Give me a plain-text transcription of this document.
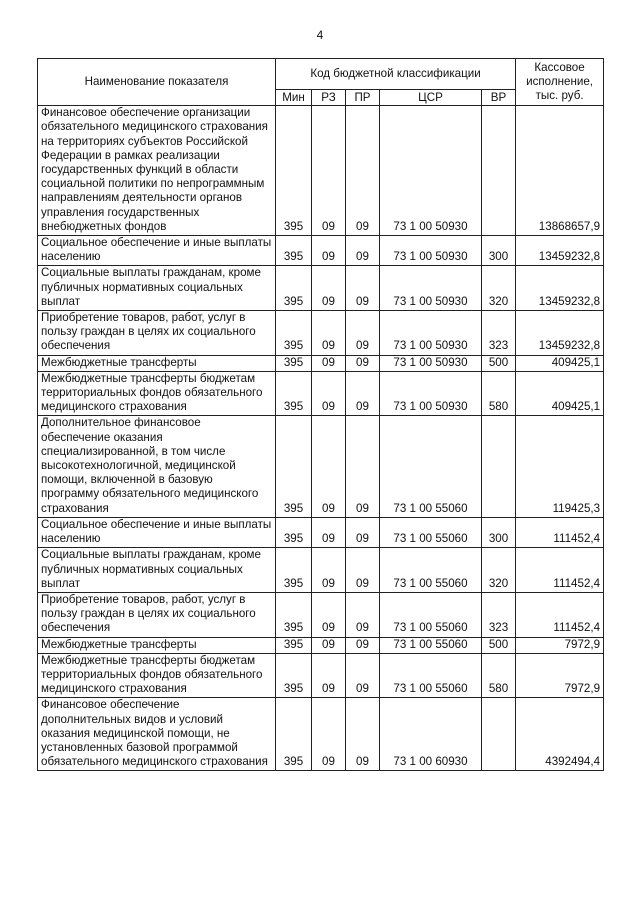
4
Наименование показателя	Код бюджетной классификации					Кассовое исполнение, тыс. руб.
	Мин	РЗ	ПР	ЦСР	ВР	
Финансовое обеспечение организации обязательного медицинского страхования на территориях субъектов Российской Федерации в рамках реализации государственных функций в области социальной политики по непрограммным направлениям деятельности органов управления государственных внебюджетных фондов	395	09	09	73 1 00 50930		13868657,9
Социальное обеспечение и иные выплаты населению	395	09	09	73 1 00 50930	300	13459232,8
Социальные выплаты гражданам, кроме публичных нормативных социальных выплат	395	09	09	73 1 00 50930	320	13459232,8
Приобретение товаров, работ, услуг в пользу граждан в целях их социального обеспечения	395	09	09	73 1 00 50930	323	13459232,8
Межбюджетные трансферты	395	09	09	73 1 00 50930	500	409425,1
Межбюджетные трансферты бюджетам территориальных фондов обязательного медицинского страхования	395	09	09	73 1 00 50930	580	409425,1
Дополнительное финансовое обеспечение оказания специализированной, в том числе высокотехнологичной, медицинской помощи, включенной в базовую программу обязательного медицинского страхования	395	09	09	73 1 00 55060		119425,3
Социальное обеспечение и иные выплаты населению	395	09	09	73 1 00 55060	300	111452,4
Социальные выплаты гражданам, кроме публичных нормативных социальных выплат	395	09	09	73 1 00 55060	320	111452,4
Приобретение товаров, работ, услуг в пользу граждан в целях их социального обеспечения	395	09	09	73 1 00 55060	323	111452,4
Межбюджетные трансферты	395	09	09	73 1 00 55060	500	7972,9
Межбюджетные трансферты бюджетам территориальных фондов обязательного медицинского страхования	395	09	09	73 1 00 55060	580	7972,9
Финансовое обеспечение дополнительных видов и условий оказания медицинской помощи, не установленных базовой программой обязательного медицинского страхования	395	09	09	73 1 00 60930		4392494,4
